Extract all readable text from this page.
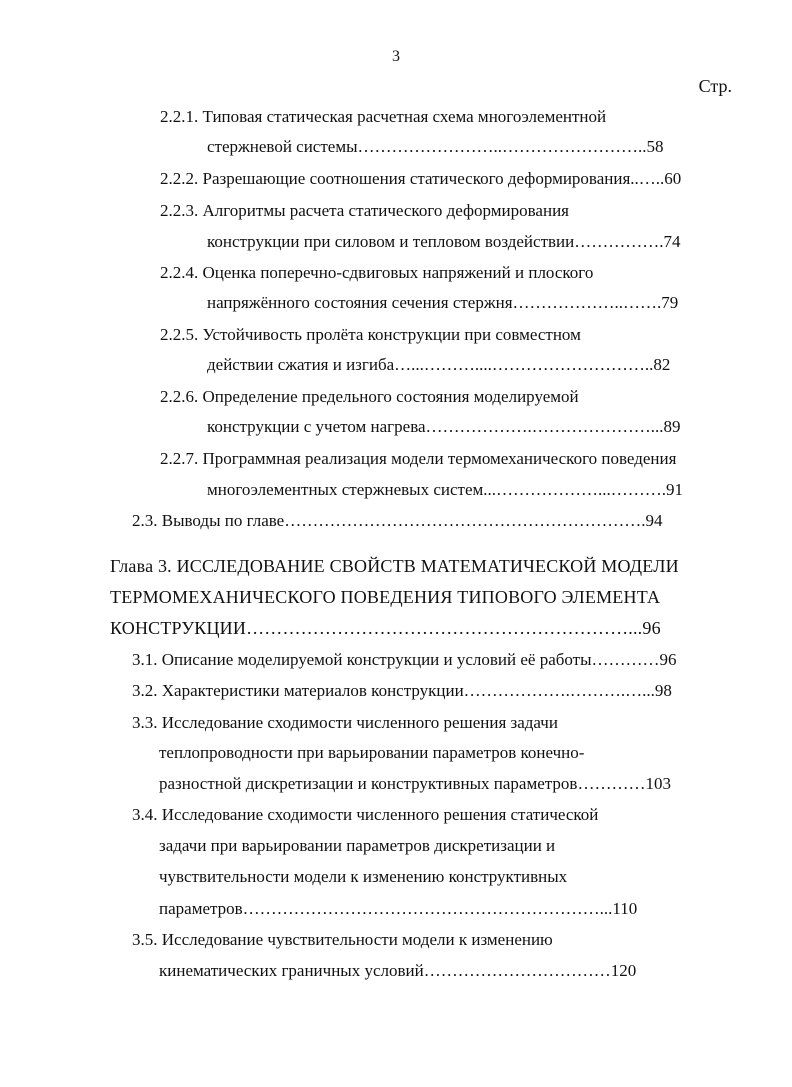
3
Стр.
2.2.1. Типовая статическая расчетная схема многоэлементной
стержневой системы……………………..……………………..58
2.2.2. Разрешающие соотношения статического деформирования..…..60
2.2.3. Алгоритмы расчета статического деформирования
конструкции при силовом и тепловом воздействии…………….74
2.2.4. Оценка поперечно-сдвиговых напряжений и плоского
напряжённого состояния сечения стержня………………..…….79
2.2.5. Устойчивость пролёта конструкции при совместном
действии сжатия и изгиба…...………....………………………..82
2.2.6. Определение предельного состояния моделируемой
конструкции с учетом нагрева……………….…………………...89
2.2.7. Программная реализация модели термомеханического поведения
многоэлементных стержневых систем...………………...……….91
2.3. Выводы по главе……………………………………………………….94
Глава 3. ИССЛЕДОВАНИЕ СВОЙСТВ МАТЕМАТИЧЕСКОЙ МОДЕЛИ
ТЕРМОМЕХАНИЧЕСКОГО ПОВЕДЕНИЯ ТИПОВОГО ЭЛЕМЕНТА
КОНСТРУКЦИИ………………………………………………………...96
3.1. Описание моделируемой конструкции и условий её работы…………96
3.2. Характеристики материалов конструкции……………….……….…...98
3.3. Исследование сходимости численного решения задачи
теплопроводности при варьировании параметров конечно-
разностной дискретизации и конструктивных параметров…………103
3.4. Исследование сходимости численного решения статической
задачи при варьировании параметров дискретизации и
чувствительности модели к изменению конструктивных
параметров………………………………………………………...110
3.5. Исследование чувствительности модели к изменению
кинематических граничных условий……………………………120
